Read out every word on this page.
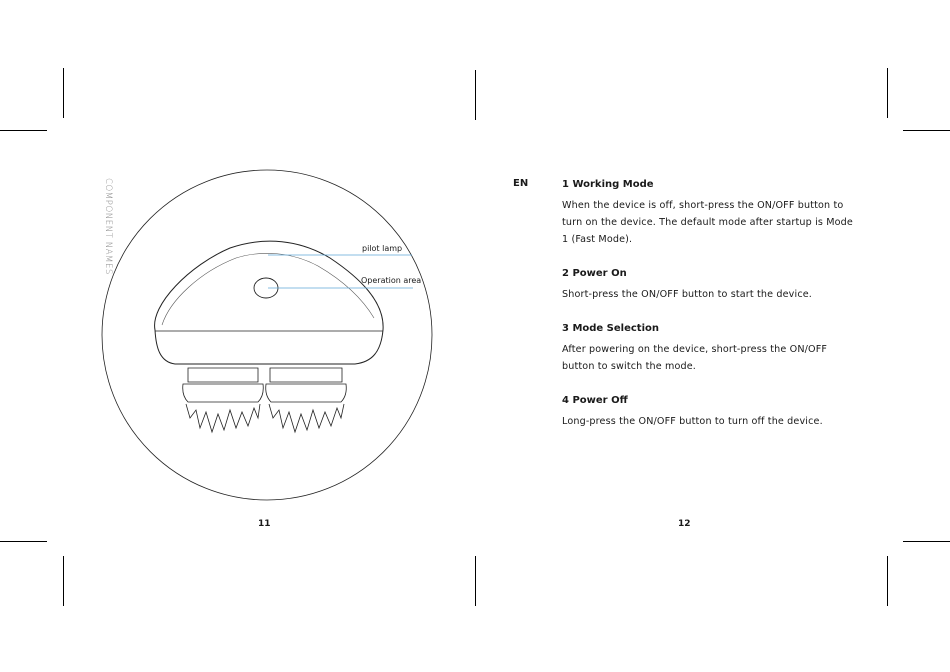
COMPONENT NAMES	pilot lamp
Operation area
11
EN	1 Working Mode

When the device is off, short-press the ON/OFF button to turn on the device. The default mode after startup is Mode 1 (Fast Mode).

2 Power On

Short-press the ON/OFF button to start the device.

3 Mode Selection

After powering on the device, short-press the ON/OFF button to switch the mode.

4 Power Off

Long-press the ON/OFF button to turn off the device.

12
